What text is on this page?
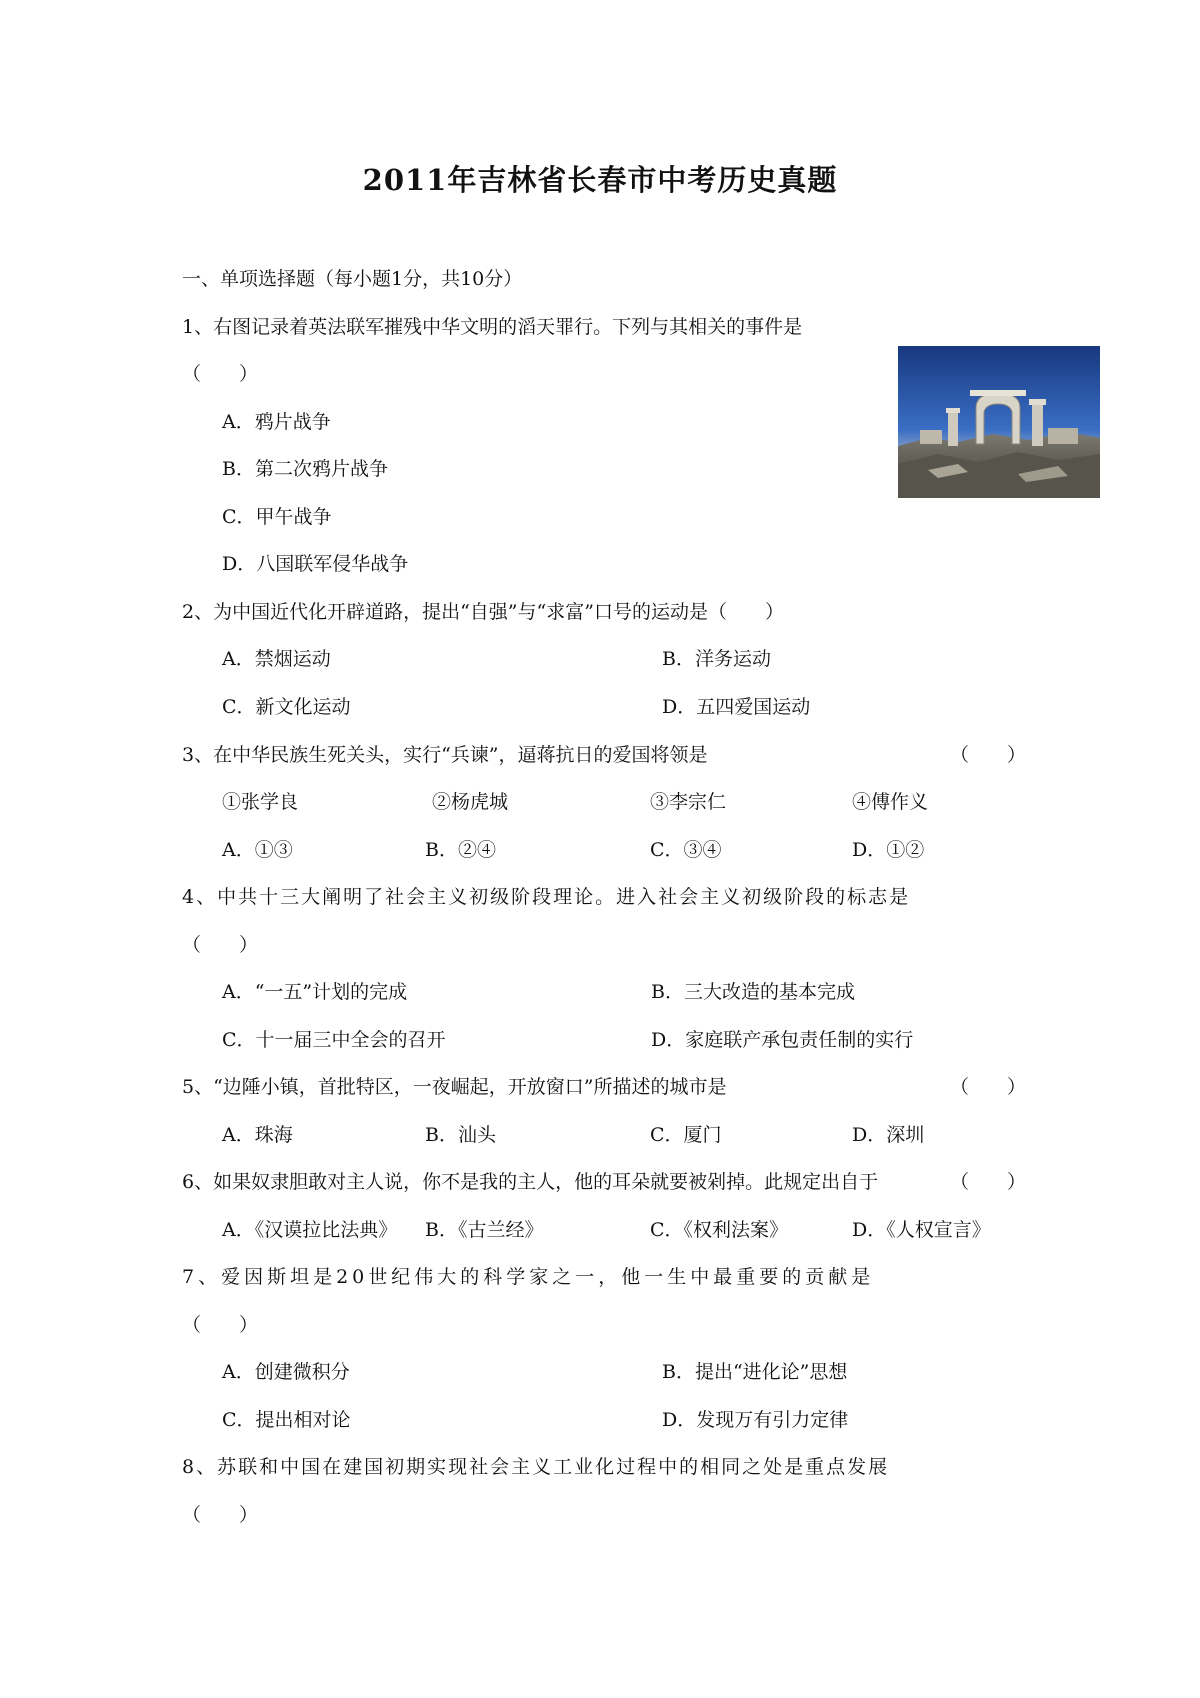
2011年吉林省长春市中考历史真题
一、单项选择题（每小题1分，共10分）
1、右图记录着英法联军摧残中华文明的滔天罪行。下列与其相关的事件是
（　　）
A．鸦片战争
B．第二次鸦片战争
C．甲午战争
D．八国联军侵华战争
2、为中国近代化开辟道路，提出“自强”与“求富”口号的运动是（　　）
A．禁烟运动	B．洋务运动
C．新文化运动	D．五四爱国运动
3、在中华民族生死关头，实行“兵谏”，逼蒋抗日的爱国将领是	（　　）
①张学良	②杨虎城	③李宗仁	④傅作义
A．①③	B．②④	C．③④	D．①②
4、中共十三大阐明了社会主义初级阶段理论。进入社会主义初级阶段的标志是
（　　）
A．“一五”计划的完成	B．三大改造的基本完成
C．十一届三中全会的召开	D．家庭联产承包责任制的实行
5、“边陲小镇，首批特区，一夜崛起，开放窗口”所描述的城市是	（　　）
A．珠海	B．汕头	C．厦门	D．深圳
6、如果奴隶胆敢对主人说，你不是我的主人，他的耳朵就要被剁掉。此规定出自于	（　　）
A．《汉谟拉比法典》 B．《古兰经》	C．《权利法案》	D．《人权宣言》
7、爱因斯坦是20世纪伟大的科学家之一，他一生中最重要的贡献是
（　　）
A．创建微积分	B．提出“进化论”思想
C．提出相对论	D．发现万有引力定律
8、苏联和中国在建国初期实现社会主义工业化过程中的相同之处是重点发展
（　　）
